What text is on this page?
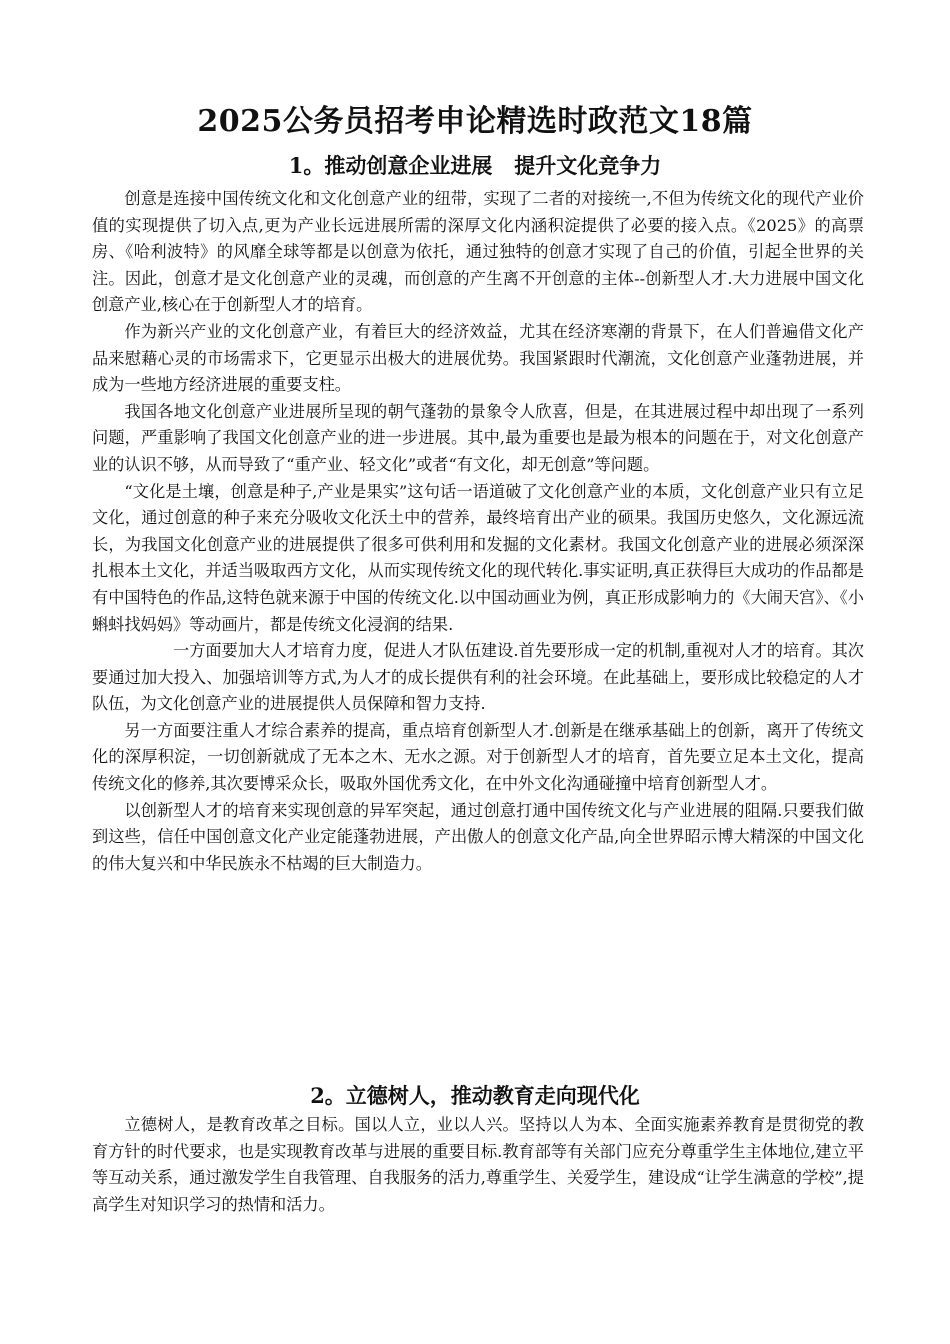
2025公务员招考申论精选时政范文18篇
1。推动创意企业进展   提升文化竞争力

创意是连接中国传统文化和文化创意产业的纽带，实现了二者的对接统一,不但为传统文化的现代产业价值的实现提供了切入点,更为产业长远进展所需的深厚文化内涵积淀提供了必要的接入点。《2025》的高票房、《哈利波特》的风靡全球等都是以创意为依托，通过独特的创意才实现了自己的价值，引起全世界的关注。因此，创意才是文化创意产业的灵魂，而创意的产生离不开创意的主体--创新型人才.大力进展中国文化创意产业,核心在于创新型人才的培育。

作为新兴产业的文化创意产业，有着巨大的经济效益，尤其在经济寒潮的背景下，在人们普遍借文化产品来慰藉心灵的市场需求下，它更显示出极大的进展优势。我国紧跟时代潮流，文化创意产业蓬勃进展，并成为一些地方经济进展的重要支柱。

我国各地文化创意产业进展所呈现的朝气蓬勃的景象令人欣喜，但是，在其进展过程中却出现了一系列问题，严重影响了我国文化创意产业的进一步进展。其中,最为重要也是最为根本的问题在于，对文化创意产业的认识不够，从而导致了“重产业、轻文化”或者“有文化，却无创意”等问题。

“文化是土壤，创意是种子,产业是果实”这句话一语道破了文化创意产业的本质，文化创意产业只有立足文化，通过创意的种子来充分吸收文化沃土中的营养，最终培育出产业的硕果。我国历史悠久，文化源远流长，为我国文化创意产业的进展提供了很多可供利用和发掘的文化素材。我国文化创意产业的进展必须深深扎根本土文化，并适当吸取西方文化，从而实现传统文化的现代转化.事实证明,真正获得巨大成功的作品都是有中国特色的作品,这特色就来源于中国的传统文化.以中国动画业为例，真正形成影响力的《大闹天宫》、《小蝌蚪找妈妈》等动画片，都是传统文化浸润的结果.

一方面要加大人才培育力度，促进人才队伍建设.首先要形成一定的机制,重视对人才的培育。其次要通过加大投入、加强培训等方式,为人才的成长提供有利的社会环境。在此基础上，要形成比较稳定的人才队伍，为文化创意产业的进展提供人员保障和智力支持.

另一方面要注重人才综合素养的提高，重点培育创新型人才.创新是在继承基础上的创新，离开了传统文化的深厚积淀，一切创新就成了无本之木、无水之源。对于创新型人才的培育，首先要立足本土文化，提高传统文化的修养,其次要博采众长，吸取外国优秀文化，在中外文化沟通碰撞中培育创新型人才。

以创新型人才的培育来实现创意的异军突起，通过创意打通中国传统文化与产业进展的阻隔.只要我们做到这些，信任中国创意文化产业定能蓬勃进展，产出傲人的创意文化产品,向全世界昭示博大精深的中国文化的伟大复兴和中华民族永不枯竭的巨大制造力。

2。立德树人，推动教育走向现代化

立德树人，是教育改革之目标。国以人立，业以人兴。坚持以人为本、全面实施素养教育是贯彻党的教育方针的时代要求，也是实现教育改革与进展的重要目标.教育部等有关部门应充分尊重学生主体地位,建立平等互动关系，通过激发学生自我管理、自我服务的活力,尊重学生、关爱学生，建设成“让学生满意的学校”,提高学生对知识学习的热情和活力。
